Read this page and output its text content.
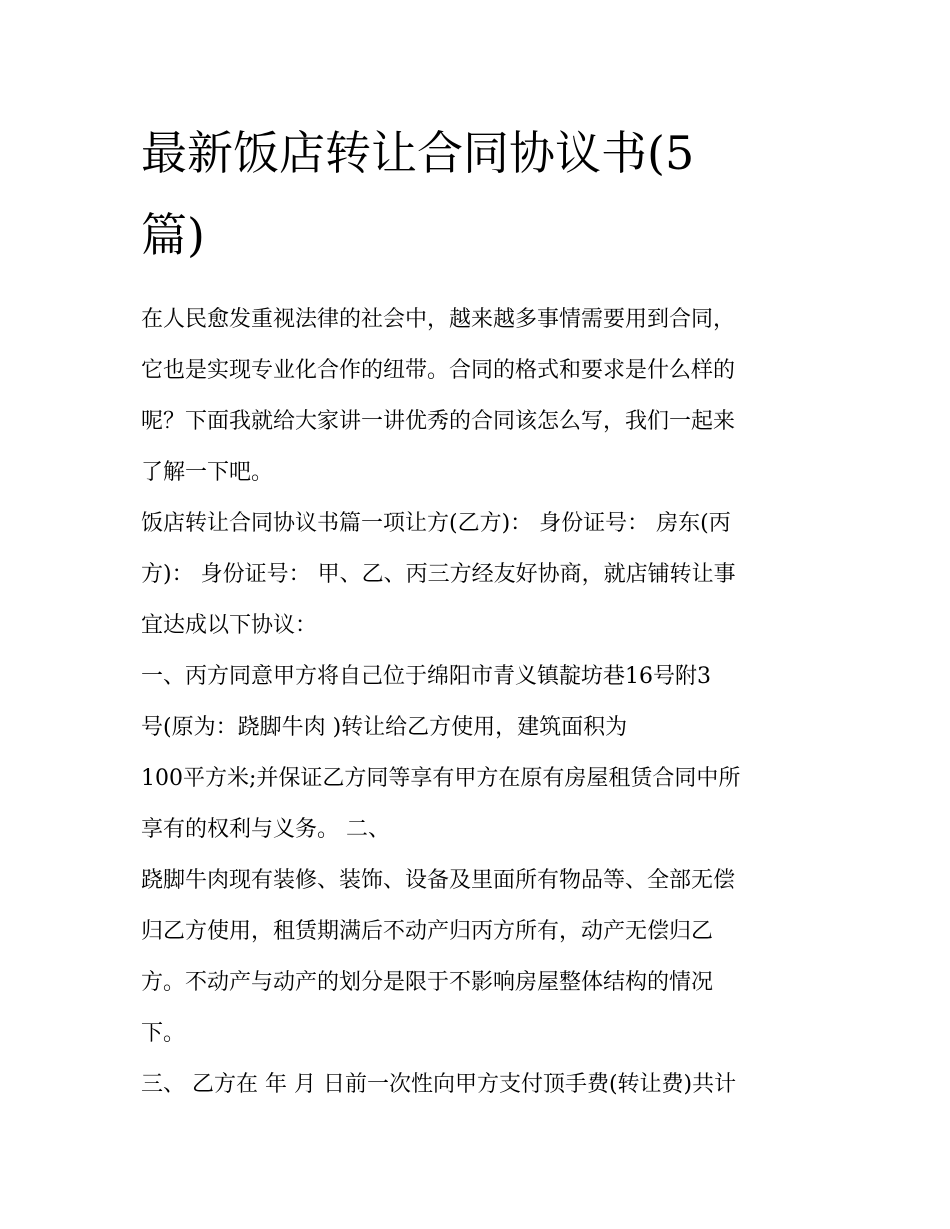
最新饭店转让合同协议书(5
篇)

在人民愈发重视法律的社会中，越来越多事情需要用到合同，
它也是实现专业化合作的纽带。合同的格式和要求是什么样的
呢？下面我就给大家讲一讲优秀的合同该怎么写，我们一起来
了解一下吧。

饭店转让合同协议书篇一项让方(乙方)： 身份证号： 房东(丙
方)： 身份证号： 甲、乙、丙三方经友好协商，就店铺转让事
宜达成以下协议：

一、丙方同意甲方将自己位于绵阳市青义镇靛坊巷16号附3
号(原为：跷脚牛肉 )转让给乙方使用，建筑面积为
100平方米;并保证乙方同等享有甲方在原有房屋租赁合同中所
享有的权利与义务。 二、

跷脚牛肉现有装修、装饰、设备及里面所有物品等、全部无偿
归乙方使用，租赁期满后不动产归丙方所有，动产无偿归乙
方。不动产与动产的划分是限于不影响房屋整体结构的情况
下。

三、 乙方在 年 月 日前一次性向甲方支付顶手费(转让费)共计
